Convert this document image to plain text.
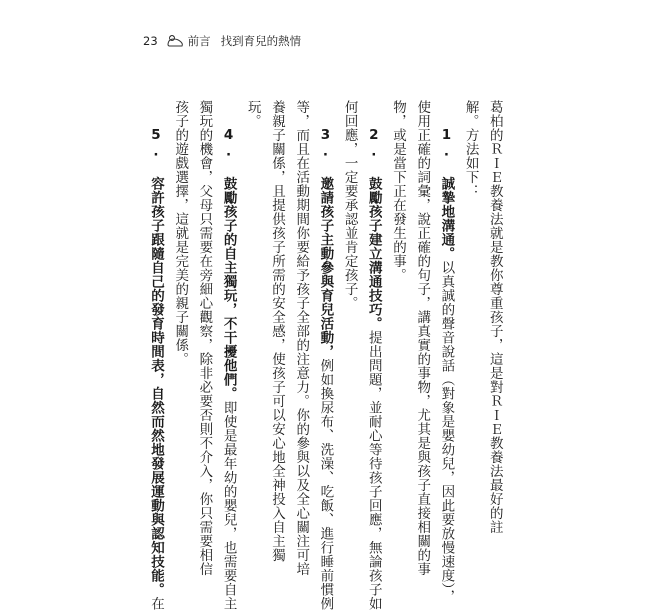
23	前言 找到育兒的熱情
葛柏的ＲＩＥ教養法就是教你尊重孩子，這是對ＲＩＥ教養法最好的註
解。方法如下：
1. 誠摯地溝通。以真誠的聲音說話（對象是嬰幼兒，因此要放慢速度），
使用正確的詞彙，說正確的句子，講真實的事物，尤其是與孩子直接相關的事
物，或是當下正在發生的事。
2. 鼓勵孩子建立溝通技巧。提出問題，並耐心等待孩子回應，無論孩子如
何回應，一定要承認並肯定孩子。
3. 邀請孩子主動參與育兒活動，例如換尿布、洗澡、吃飯、進行睡前慣例
等，而且在活動期間你要給予孩子全部的注意力。你的參與以及全心關注可培
養親子關係，且提供孩子所需的安全感，使孩子可以安心地全神投入自主獨
玩。
4. 鼓勵孩子的自主獨玩，不干擾他們。即使是最年幼的嬰兒，也需要自主
獨玩的機會，父母只需要在旁細心觀察，除非必要否則不介入，你只需要相信
孩子的遊戲選擇，這就是完美的親子關係。
5. 容許孩子跟隨自己的發育時間表，自然而然地發展運動與認知技能。在
